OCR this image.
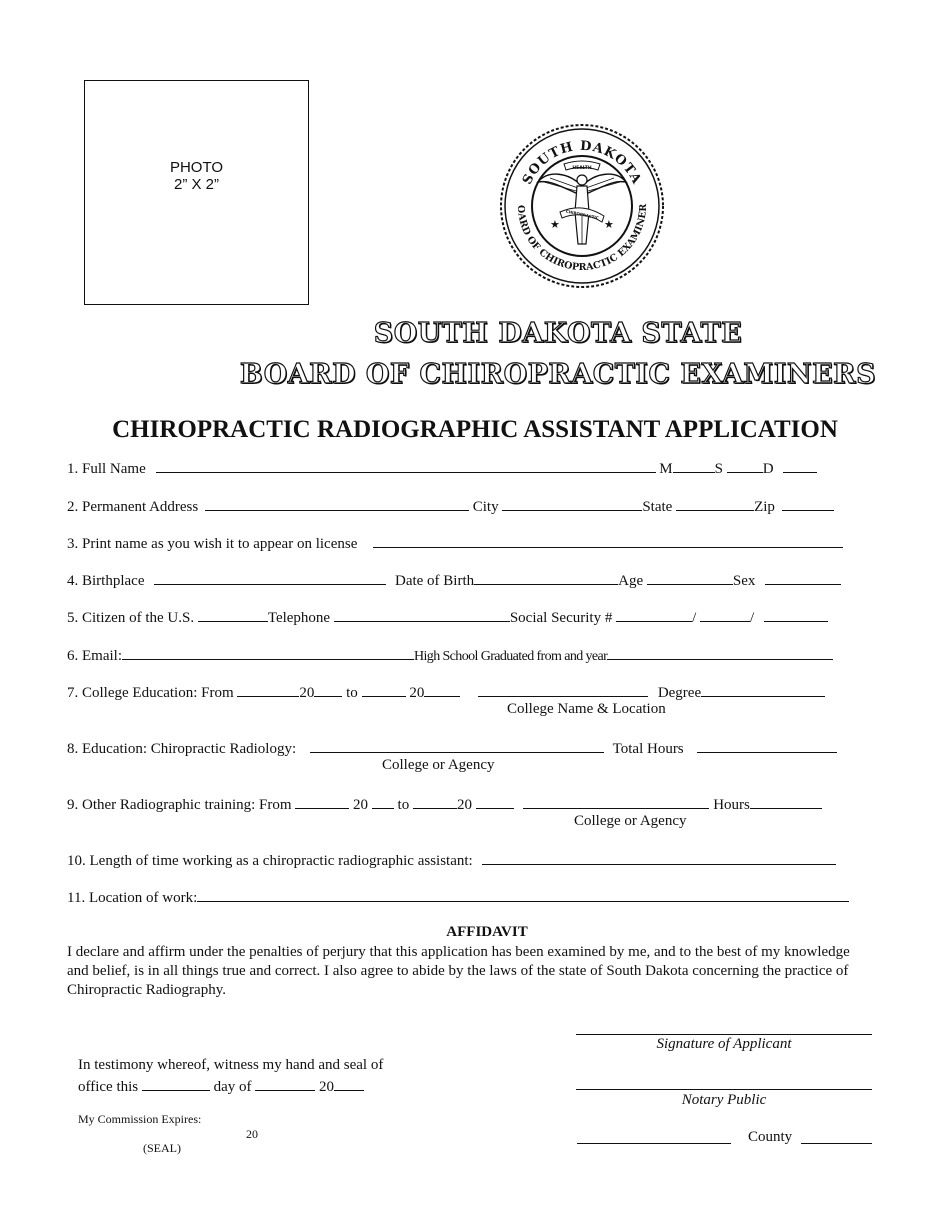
PHOTO
2” X 2”	SOUTH DAKOTA
OARD OF CHIROPRACTIC EXAMINER
HEALTH
CHIROPRACTIC
★	★
SOUTH DAKOTA STATE
BOARD OF CHIROPRACTIC EXAMINERS
CHIROPRACTIC RADIOGRAPHIC ASSISTANT APPLICATION
1. Full Name	M	S	D
2. Permanent Address	City	State	Zip
3. Print name as you wish it to appear on license
4. Birthplace	Date of Birth	Age	Sex
5. Citizen of the U.S.	Telephone	Social Security #	/	/
6. Email:	High School Graduated from and year
7. College Education: From	20 to	20	Degree
College Name & Location
8. Education: Chiropractic Radiology:	Total Hours
College or Agency
9. Other Radiographic training: From	20 to	20	Hours
College or Agency
10. Length of time working as a chiropractic radiographic assistant:
11. Location of work:
AFFIDAVIT
I declare and affirm under the penalties of perjury that this application has been examined by me, and to the best of my knowledge and belief, is in all things true and correct. I also agree to abide by the laws of the state of South Dakota concerning the practice of Chiropractic Radiography.
Signature of Applicant
In testimony whereof, witness my hand and seal of
office this	day of	20
Notary Public
My Commission Expires:
20
(SEAL)
County
